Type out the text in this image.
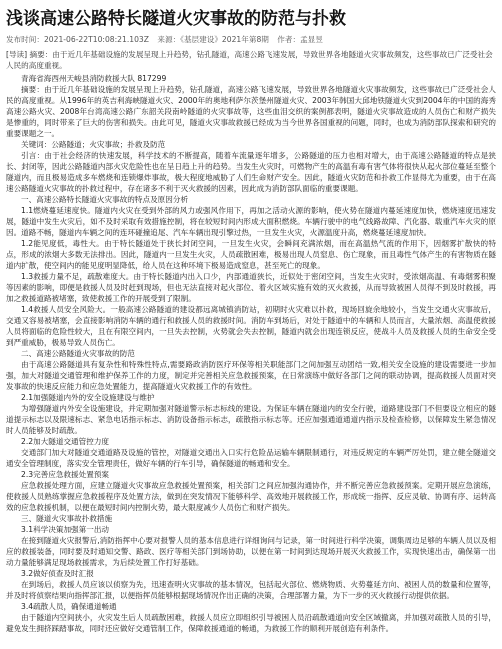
浅谈高速公路特长隧道火灾事故的防范与扑救
发布时间：2021-06-22T10:08:21.103Z 来源：《基层建设》2021年第8期 作者：孟显昱
[导读] 摘要：由于近几年基础设施的发展呈现上升趋势，钻孔隧道，高速公路飞速发展，导致世界各地隧道火灾事故频发，这些事故已广泛受社会人民的高度重视。
青海省海西州天峻县消防救援大队 817299

摘要：由于近几年基础设施的发展呈现上升趋势，钻孔隧道，高速公路飞速发展，导致世界各地隧道火灾事故频发，这些事故已广泛受社会人民的高度重视。从1996年的英吉利海峡隧道火灾、2000年的奥地利萨尔茨堡州隧道火灾、2003年韩国大邱地铁隧道火灾到2004年的中国的海秀高速公路火灾、2008年台湾高速公路广东韶关段南岭隧道的火灾事故等，这些血泪交织的案例都表明，隧道火灾事故造成的人员伤亡和财产损失是惨重的，同时带来了巨大的伤害和损失。由此可见，隧道火灾事故救援已经成为当今世界各国重视的问题，同时，也成为消防部队探索和研究的重要课题之一。

关键词：公路隧道；火灾事故；扑救及防范

引言：由于社会经济的快速发展，科学技术的不断提高，随着车流量逐年增多，公路隧道的压力也相对增大，由于高速公路隧道的特点是狭长、封闭等，因此公路隧道内部火灾危险性也在呈日趋上升的趋势。当发生火灾时，可燃物产生的高温有毒有害气体将很快从起火部位蔓延至整个隧道内，而且极易造成多车燃烧和连锁爆炸事故，极大程度地威胁了人们生命财产安全。因此，隧道火灾防范和扑救工作显得尤为重要，由于在高速公路隧道火灾事故的扑救过程中，存在诸多不利于灭火救援的因素，因此成为消防部队面临的重要课题。

一、高速公路特长隧道火灾事故的特点及原因分析

1.1燃烧蔓延速度快。隧道内火灾在受到外部的风力或强风作用下，再加之活动火源的影响，使火势在隧道内蔓延速度加快，燃烧速度迅速发展，隧道中发生火灾后，如不及时采取有效措施控制，将在较短时间内形成大面积燃烧。车辆行驶中的电气线路故障、汽化器、载重汽车火灾的原因。道路不畅，隧道内车辆之间的连环碰撞追尾、汽车车辆出现引擎过热，一旦发生火灾，火源温度升高，燃烧蔓延速度加快。

1.2能见度低，毒性大。由于特长隧道处于狭长封闭空间，一旦发生火灾，会瞬间充满浓烟，而在高温热气流的作用下，因烟雾扩散快的特点，形成的浓烟大多数无法排出。因此，隧道内一旦发生火灾，人员疏散困难，极易出现人员窒息、伤亡现象，而且毒性气体产生的有害物质在隧道内扩散，使空间内的能见度明显降低，给人员在这种环境下极易造成窒息，甚至死亡的现象。

1.3救援力量不足，疏散难度大。由于特长隧道内出入口少，内部通道狭长，近似处于密闭空间，当发生火灾时，受浓烟高温、有毒烟雾积聚等因素的影响，即便是救援人员及时赶到现场，但也无法直接对起火部位、着火区域实施有效的灭火救援，从而导致被困人员得不到及时救援，再加之救援道路被堵塞，致使救援工作的开展受到了限制。

1.4救援人员安全风险大。一般高速公路隧道的建设都远离城镇消防站，初期时火灾难以扑救，现场回旋余地较小，当发生交通火灾事故后，交通又容易被堵塞，会直接影响消防车辆的通行和救援人员的救援时间。消防车到场后，对处于隧道中的车辆和人员而言，大量浓烟、高温使救援人员将面临的危险性较大，且在有限空间内，一旦失去控制，火势就会失去控制，隧道内就会出现连锁反应，使战斗人员及救援人员的生命安全受到严重威胁，极易导致人员伤亡。

二、高速公路隧道火灾事故的防范

由于高速公路隧道具有复杂性和特殊性特点,需要路政消防医疗环保等相关职能部门之间加强互动团结一致,相关安全设施的建设需要进一步加强，加大对隧道交通管理和维护保养工作的力度，制定并完善相关应急救援预案，在日常演练中做好各部门之间的联动协调，提高救援人员面对突发事故的快速反应能力和应急处置能力，提高隧道火灾救援工作的有效性。

2.1加强隧道内外的安全设施建设与维护

为增强隧道内外安全设施建设，并定期加强对隧道警示标志标线的建设。为保证车辆在隧道内的安全行驶，道路建设部门不但要设立相应的隧道提示标志以及限速标志、紧急电话指示标志、消防设备指示标志，疏散指示标志等。还应加强通道通道内指示及检查检修，以保障发生紧急情况时人员能够及时疏散。

2.2加大隧道交通管控力度

交通部门加大对隧道交通道路及设施的管控，对隧道交通出入口实行危险品运输车辆限制通行，对违反规定的车辆严厉处罚，建立健全隧道交通安全管理制度，落实安全管理责任，做好车辆的行车引导，确保隧道的畅通和安全。

2.3完善应急救援处置预案

应急救援处理方面，应建立隧道火灾事故应急救援处置预案，相关部门之间应加强沟通协作，并不断完善应急救援预案。定期开展应急演练，使救援人员熟练掌握应急救援程序及处置方法，做到在突发情况下能够科学、高效地开展救援工作，形成统一指挥、反应灵敏、协调有序、运转高效的应急救援机制，以便在最短时间内控制火势，最大限度减少人员伤亡和财产损失。

三、隧道火灾事故扑救措施

3.1科学决策加强第一出动

在接到隧道火灾报警后,消防指挥中心要对报警人员的基本信息进行详细询问与记录，第一时间进行科学决策，调集周边足够的车辆人员以及相应的救援装备，同时要及时通知交警、路政、医疗等相关部门到场协助，以便在第一时间到达现场开展灭火救援工作，实现快速出击，确保第一出动力量能够满足现场救援需求，为后续处置工作打好基础。

3.2做好侦查及时汇报

在到场后，救援人员应该以侦察为先，迅速查明火灾事故的基本情况，包括起火部位、燃烧物质、火势蔓延方向、被困人员的数量和位置等，并及时将侦察结果向指挥部汇报，以便指挥员能够根据现场情况作出正确的决策，合理部署力量，为下一步的灭火救援行动提供依据。

3.4疏散人员，确保通道畅通

由于隧道内空间狭小，火灾发生后人员疏散困难，救援人员应立即组织引导被困人员沿疏散通道向安全区域撤离，并加强对疏散人员的引导，避免发生拥挤踩踏事故，同时还应做好交通管制工作，保障救援通道的畅通，为救援工作的顺利开展创造有利条件。
